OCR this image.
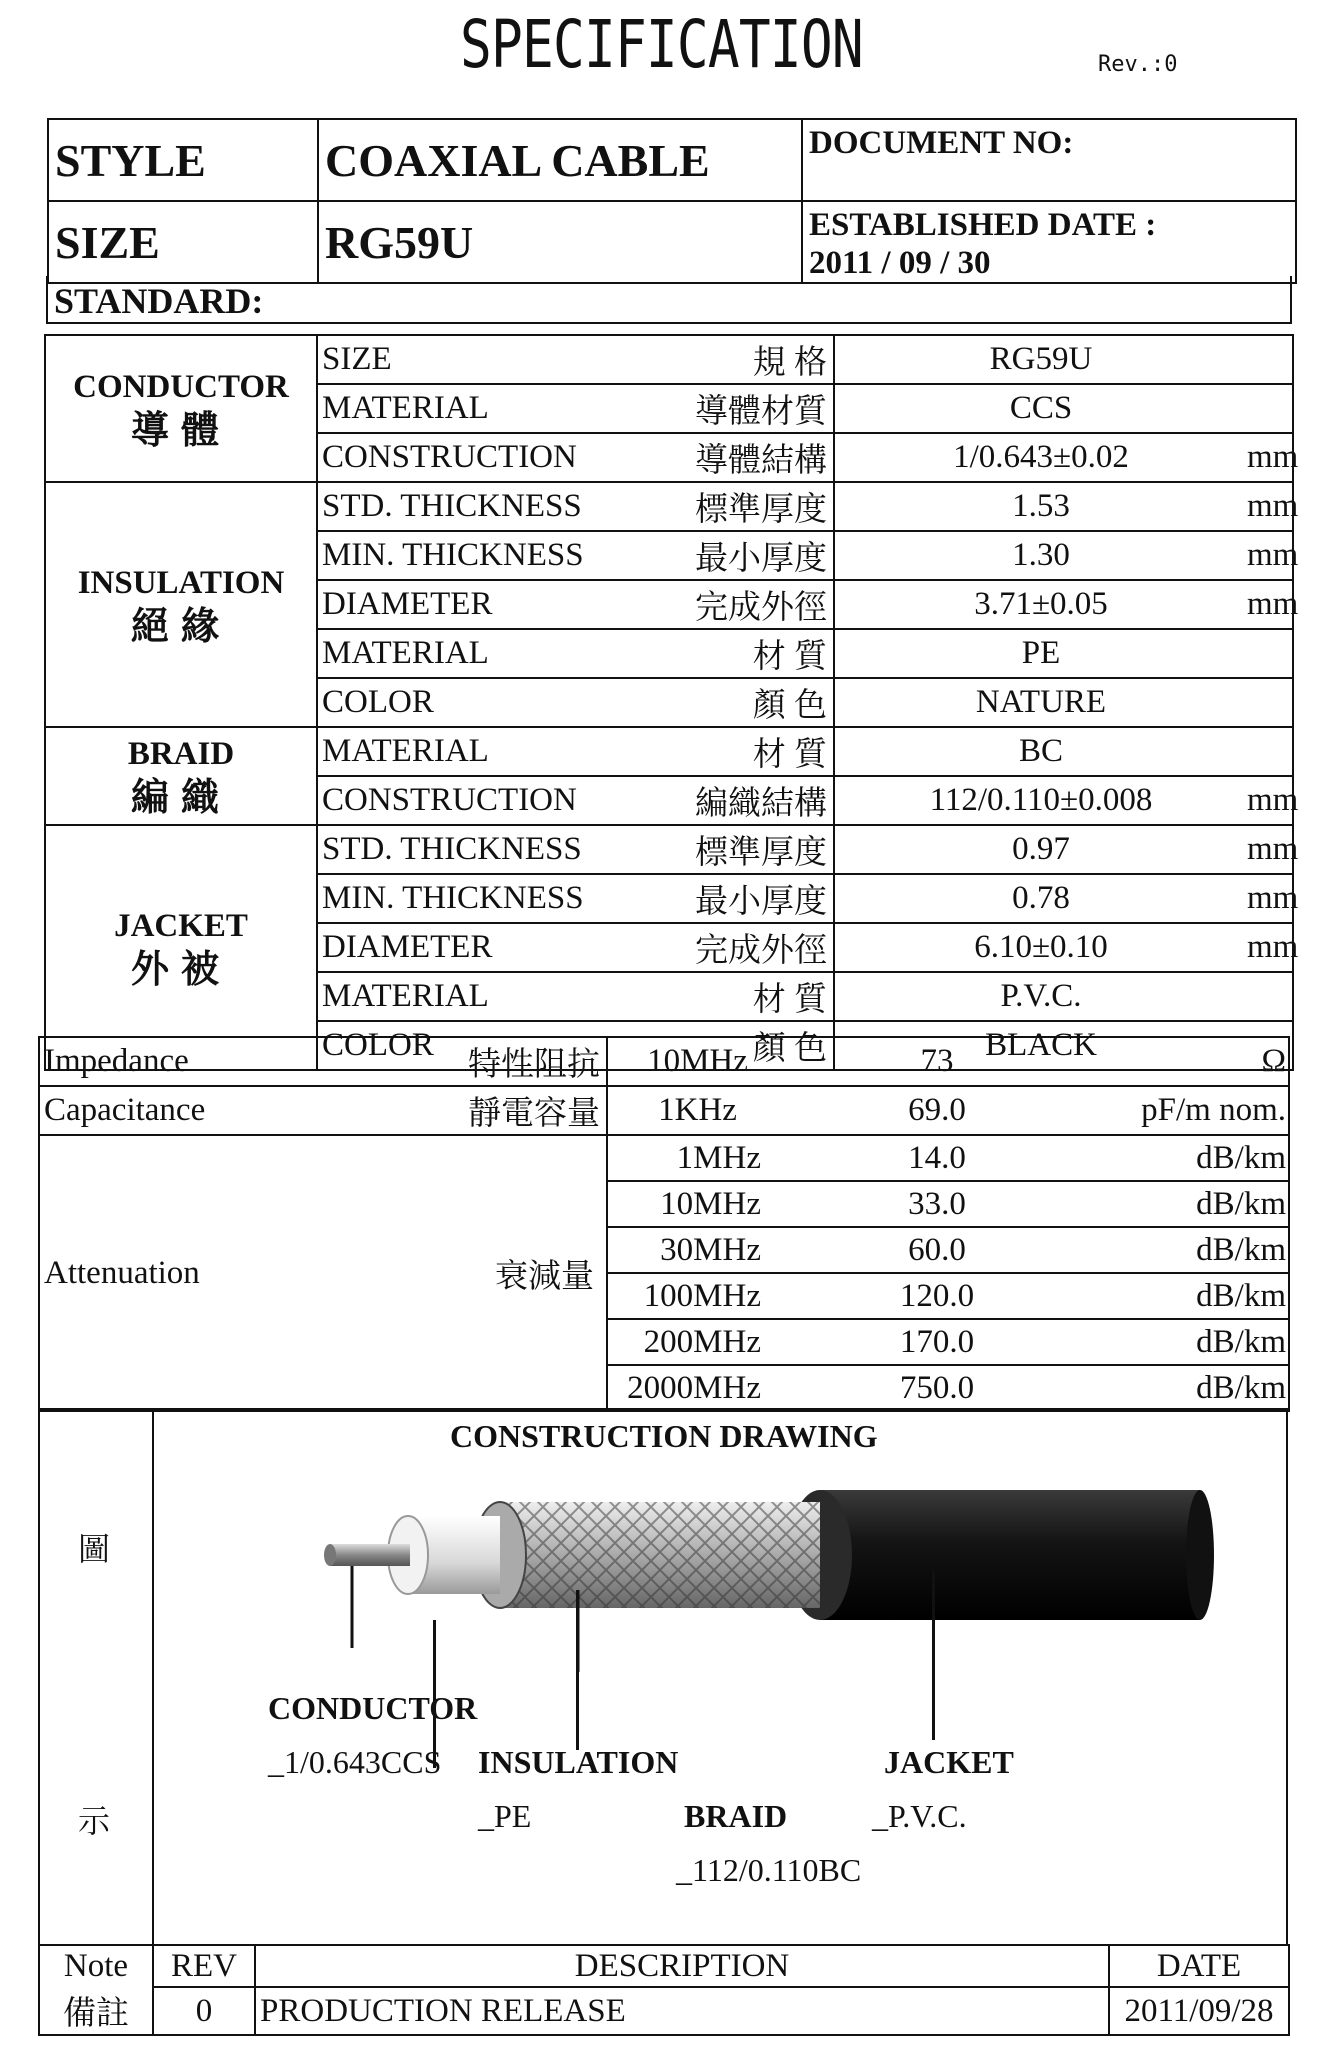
SPECIFICATION	Rev.:0
STYLE	COAXIAL CABLE	DOCUMENT NO:
SIZE	RG59U	ESTABLISHED DATE :
2011 / 09 / 30
STANDARD:
CONDUCTOR
導體	SIZE	規 格	RG59U	
	MATERIAL	導體材質	CCS	
	CONSTRUCTION	導體結構	1/0.643±0.02	mm

INSULATION
絕緣	STD. THICKNESS	標準厚度	1.53	mm
	MIN. THICKNESS	最小厚度	1.30	mm
	DIAMETER	完成外徑	3.71±0.05	mm
	MATERIAL	材 質	PE	
	COLOR	顏 色	NATURE	

BRAID
編織	MATERIAL	材 質	BC	
	CONSTRUCTION	編織結構	112/0.110±0.008	mm

JACKET
外被	STD. THICKNESS	標準厚度	0.97	mm
	MIN. THICKNESS	最小厚度	0.78	mm
	DIAMETER	完成外徑	6.10±0.10	mm
	MATERIAL	材 質	P.V.C.	
	COLOR	顏 色	BLACK	
Impedance	特性阻抗	10MHz	73	Ω
Capacitance	靜電容量	1KHz	69.0	pF/m nom.
Attenuation	衰減量	1MHz	14.0	dB/km
		10MHz	33.0	dB/km
		30MHz	60.0	dB/km
		100MHz	120.0	dB/km
		200MHz	170.0	dB/km
		2000MHz	750.0	dB/km
圖
示
CONSTRUCTION DRAWING
CONDUCTOR
_1/0.643CCS INSULATION
_PE	BRAID
_112/0.110BC
JACKET
_P.V.C.
Note	REV	DESCRIPTION	DATE
備註	0	PRODUCTION RELEASE	2011/09/28
